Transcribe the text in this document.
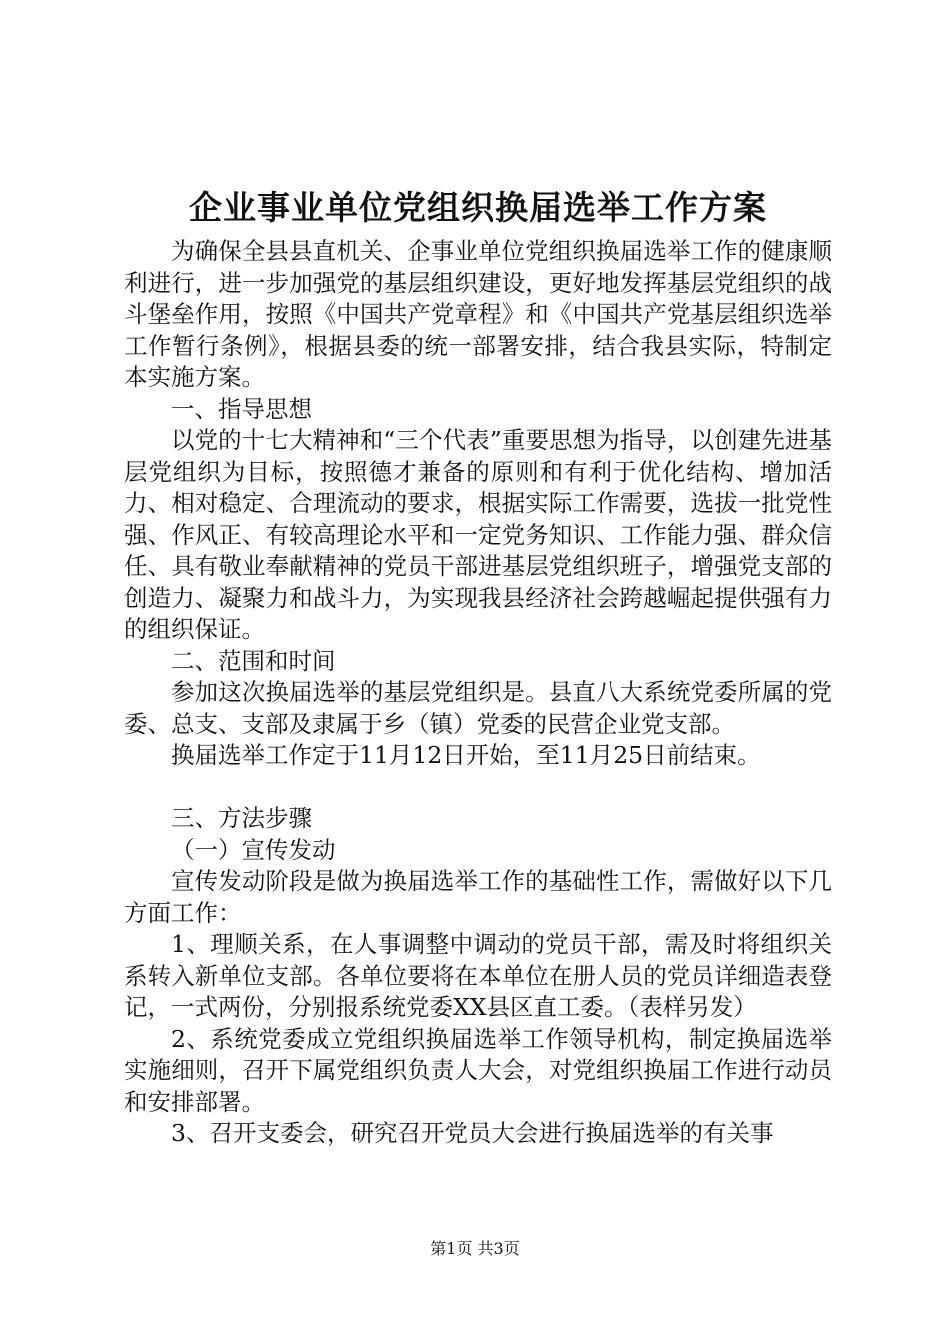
企业事业单位党组织换届选举工作方案

为确保全县县直机关、企事业单位党组织换届选举工作的健康顺利进行，进一步加强党的基层组织建设，更好地发挥基层党组织的战斗堡垒作用，按照《中国共产党章程》和《中国共产党基层组织选举工作暂行条例》，根据县委的统一部署安排，结合我县实际，特制定本实施方案。

一、指导思想

以党的十七大精神和“三个代表”重要思想为指导，以创建先进基层党组织为目标，按照德才兼备的原则和有利于优化结构、增加活力、相对稳定、合理流动的要求，根据实际工作需要，选拔一批党性强、作风正、有较高理论水平和一定党务知识、工作能力强、群众信任、具有敬业奉献精神的党员干部进基层党组织班子，增强党支部的创造力、凝聚力和战斗力，为实现我县经济社会跨越崛起提供强有力的组织保证。

二、范围和时间

参加这次换届选举的基层党组织是。县直八大系统党委所属的党委、总支、支部及隶属于乡（镇）党委的民营企业党支部。

换届选举工作定于11月12日开始，至11月25日前结束。

三、方法步骤

（一）宣传发动

宣传发动阶段是做为换届选举工作的基础性工作，需做好以下几方面工作：

1、理顺关系，在人事调整中调动的党员干部，需及时将组织关系转入新单位支部。各单位要将在本单位在册人员的党员详细造表登记，一式两份，分别报系统党委XX县区直工委。（表样另发）

2、系统党委成立党组织换届选举工作领导机构，制定换届选举实施细则，召开下属党组织负责人大会，对党组织换届工作进行动员和安排部署。

3、召开支委会，研究召开党员大会进行换届选举的有关事

第1页 共3页
